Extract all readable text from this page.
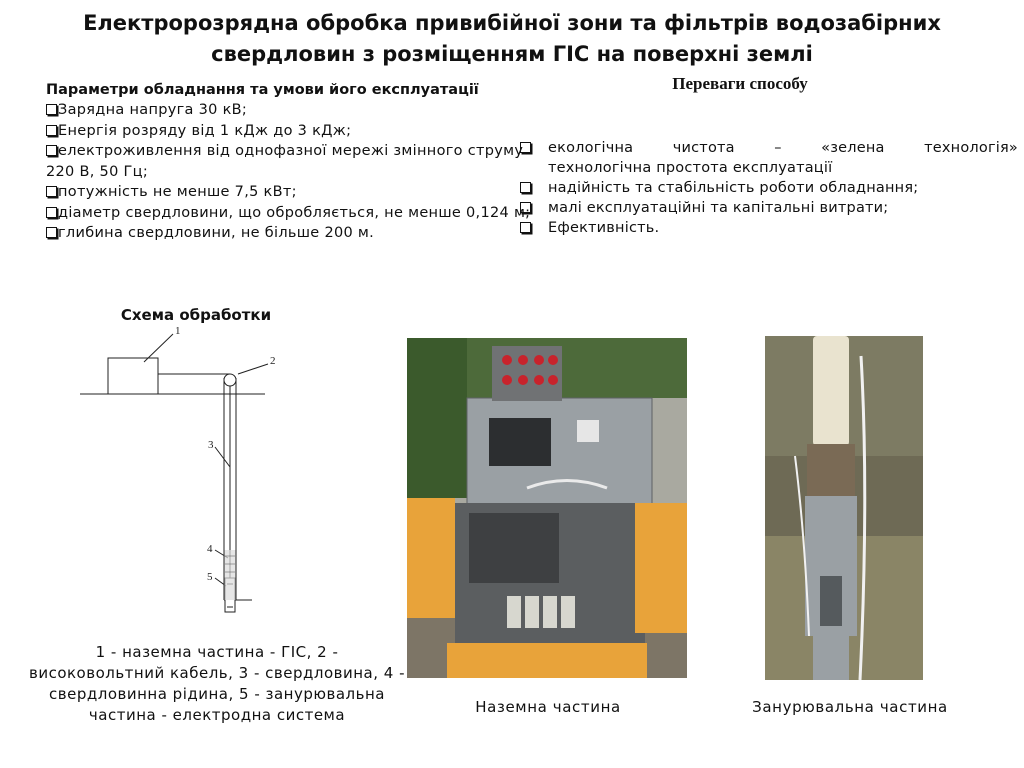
Електророзрядна обробка привибійної зони та фільтрів водозабірних
свердловин з розміщенням ГІС на поверхні землі
Параметри обладнання та умови його експлуатації
Зарядна напруга 30 кВ;
Енергія розряду від 1 кДж до 3 кДж;
електроживлення від однофазної мережі змінного струму 220 В, 50 Гц;
потужність не менше 7,5 кВт;
діаметр свердловини, що обробляється, не менше 0,124 м;
глибина свердловини, не більше 200 м.
Переваги способу
екологічна чистота – «зелена технологія»
технологічна простота експлуатації
надійність та стабільність роботи обладнання;
малі експлуатаційні та капітальні витрати;
Ефективність.
Схема обработки
1
2
3
4
5
1 - наземна частина - ГІС, 2 - високовольтний кабель, 3 - свердловина, 4 - свердловинна рідина, 5 - занурювальна частина - електродна система	Наземна частина	Занурювальна частина
